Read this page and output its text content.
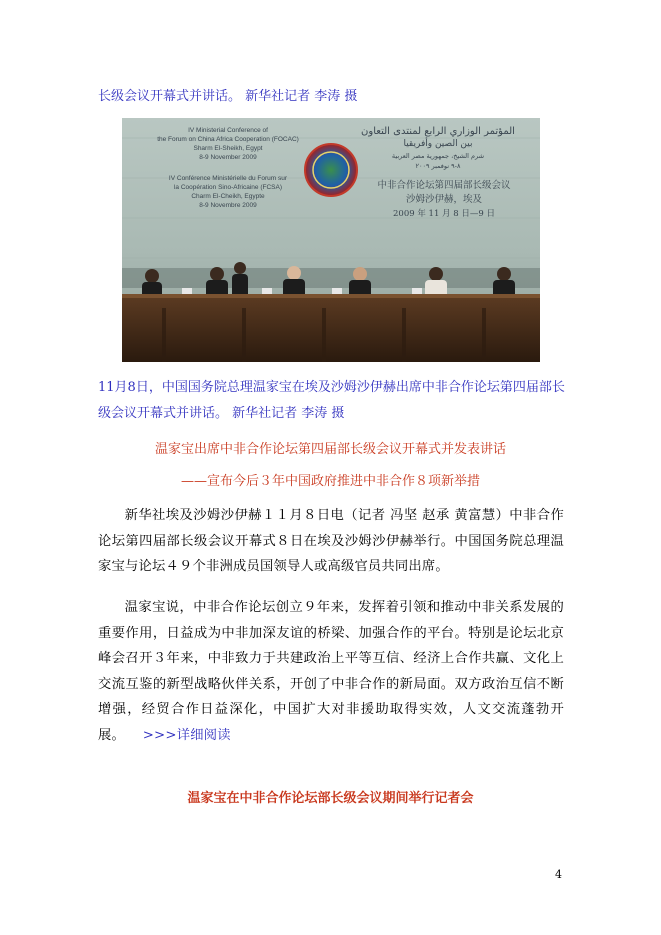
长级会议开幕式并讲话。 新华社记者 李涛 摄
IV Ministerial Conference of
the Forum on China Africa Cooperation (FOCAC)
Sharm El-Sheikh, Egypt
8-9 November 2009
IV Conférence Ministérielle du Forum sur
la Coopération Sino-Africaine (FCSA)
Charm El-Cheikh, Egypte
8-9 Novembre 2009
المؤتمر الوزاري الرابع لمنتدى التعاون
بين الصين وأفريقيا
شرم الشيخ، جمهورية مصر العربية
٨-٩ نوفمبر ٢٠٠٩
中非合作论坛第四届部长级会议
沙姆沙伊赫，埃及
2009 年 11 月 8 日—9 日
11月8日，中国国务院总理温家宝在埃及沙姆沙伊赫出席中非合作论坛第四届部长级会议开幕式并讲话。 新华社记者 李涛 摄
温家宝出席中非合作论坛第四届部长级会议开幕式并发表讲话
——宣布今后３年中国政府推进中非合作８项新举措

新华社埃及沙姆沙伊赫１１月８日电（记者 冯坚 赵承 黄富慧）中非合作论坛第四届部长级会议开幕式８日在埃及沙姆沙伊赫举行。中国国务院总理温家宝与论坛４９个非洲成员国领导人或高级官员共同出席。

温家宝说，中非合作论坛创立９年来，发挥着引领和推动中非关系发展的重要作用，日益成为中非加深友谊的桥梁、加强合作的平台。特别是论坛北京峰会召开３年来，中非致力于共建政治上平等互信、经济上合作共赢、文化上交流互鉴的新型战略伙伴关系，开创了中非合作的新局面。双方政治互信不断增强，经贸合作日益深化，中国扩大对非援助取得实效，人文交流蓬勃开展。 >>>详细阅读

温家宝在中非合作论坛部长级会议期间举行记者会
4
